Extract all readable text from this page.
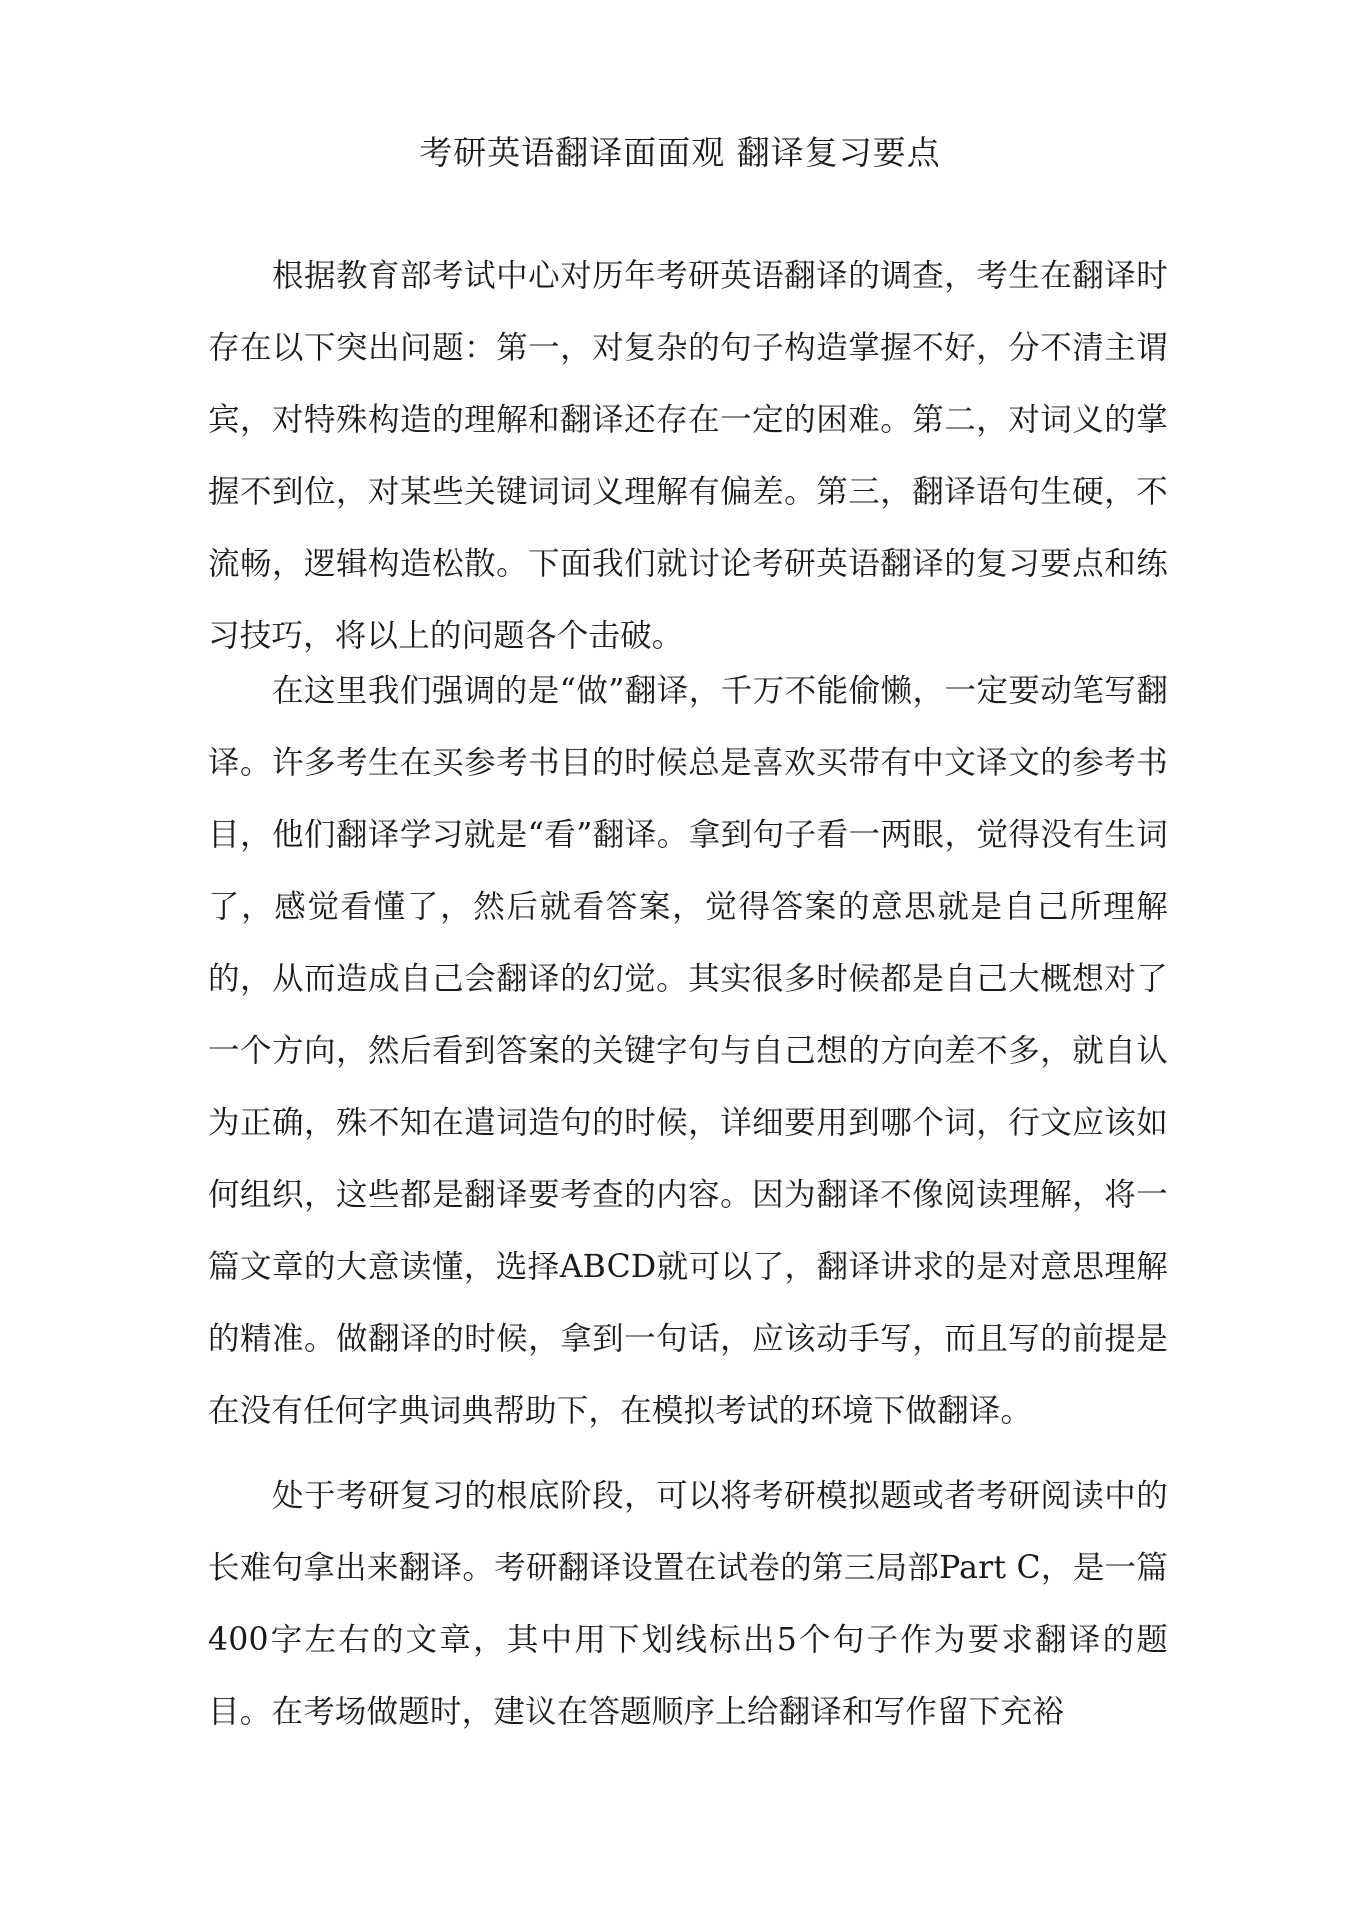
考研英语翻译面面观 翻译复习要点

根据教育部考试中心对历年考研英语翻译的调查，考生在翻译时存在以下突出问题：第一，对复杂的句子构造掌握不好，分不清主谓宾，对特殊构造的理解和翻译还存在一定的困难。第二，对词义的掌握不到位，对某些关键词词义理解有偏差。第三，翻译语句生硬，不流畅，逻辑构造松散。下面我们就讨论考研英语翻译的复习要点和练习技巧，将以上的问题各个击破。

在这里我们强调的是“做”翻译，千万不能偷懒，一定要动笔写翻译。许多考生在买参考书目的时候总是喜欢买带有中文译文的参考书目，他们翻译学习就是“看”翻译。拿到句子看一两眼，觉得没有生词了，感觉看懂了，然后就看答案，觉得答案的意思就是自己所理解的，从而造成自己会翻译的幻觉。其实很多时候都是自己大概想对了一个方向，然后看到答案的关键字句与自己想的方向差不多，就自认为正确，殊不知在遣词造句的时候，详细要用到哪个词，行文应该如何组织，这些都是翻译要考查的内容。因为翻译不像阅读理解，将一篇文章的大意读懂，选择ABCD就可以了，翻译讲求的是对意思理解的精准。做翻译的时候，拿到一句话，应该动手写，而且写的前提是在没有任何字典词典帮助下，在模拟考试的环境下做翻译。

处于考研复习的根底阶段，可以将考研模拟题或者考研阅读中的长难句拿出来翻译。考研翻译设置在试卷的第三局部Part C，是一篇400字左右的文章，其中用下划线标出5个句子作为要求翻译的题目。在考场做题时，建议在答题顺序上给翻译和写作留下充裕
